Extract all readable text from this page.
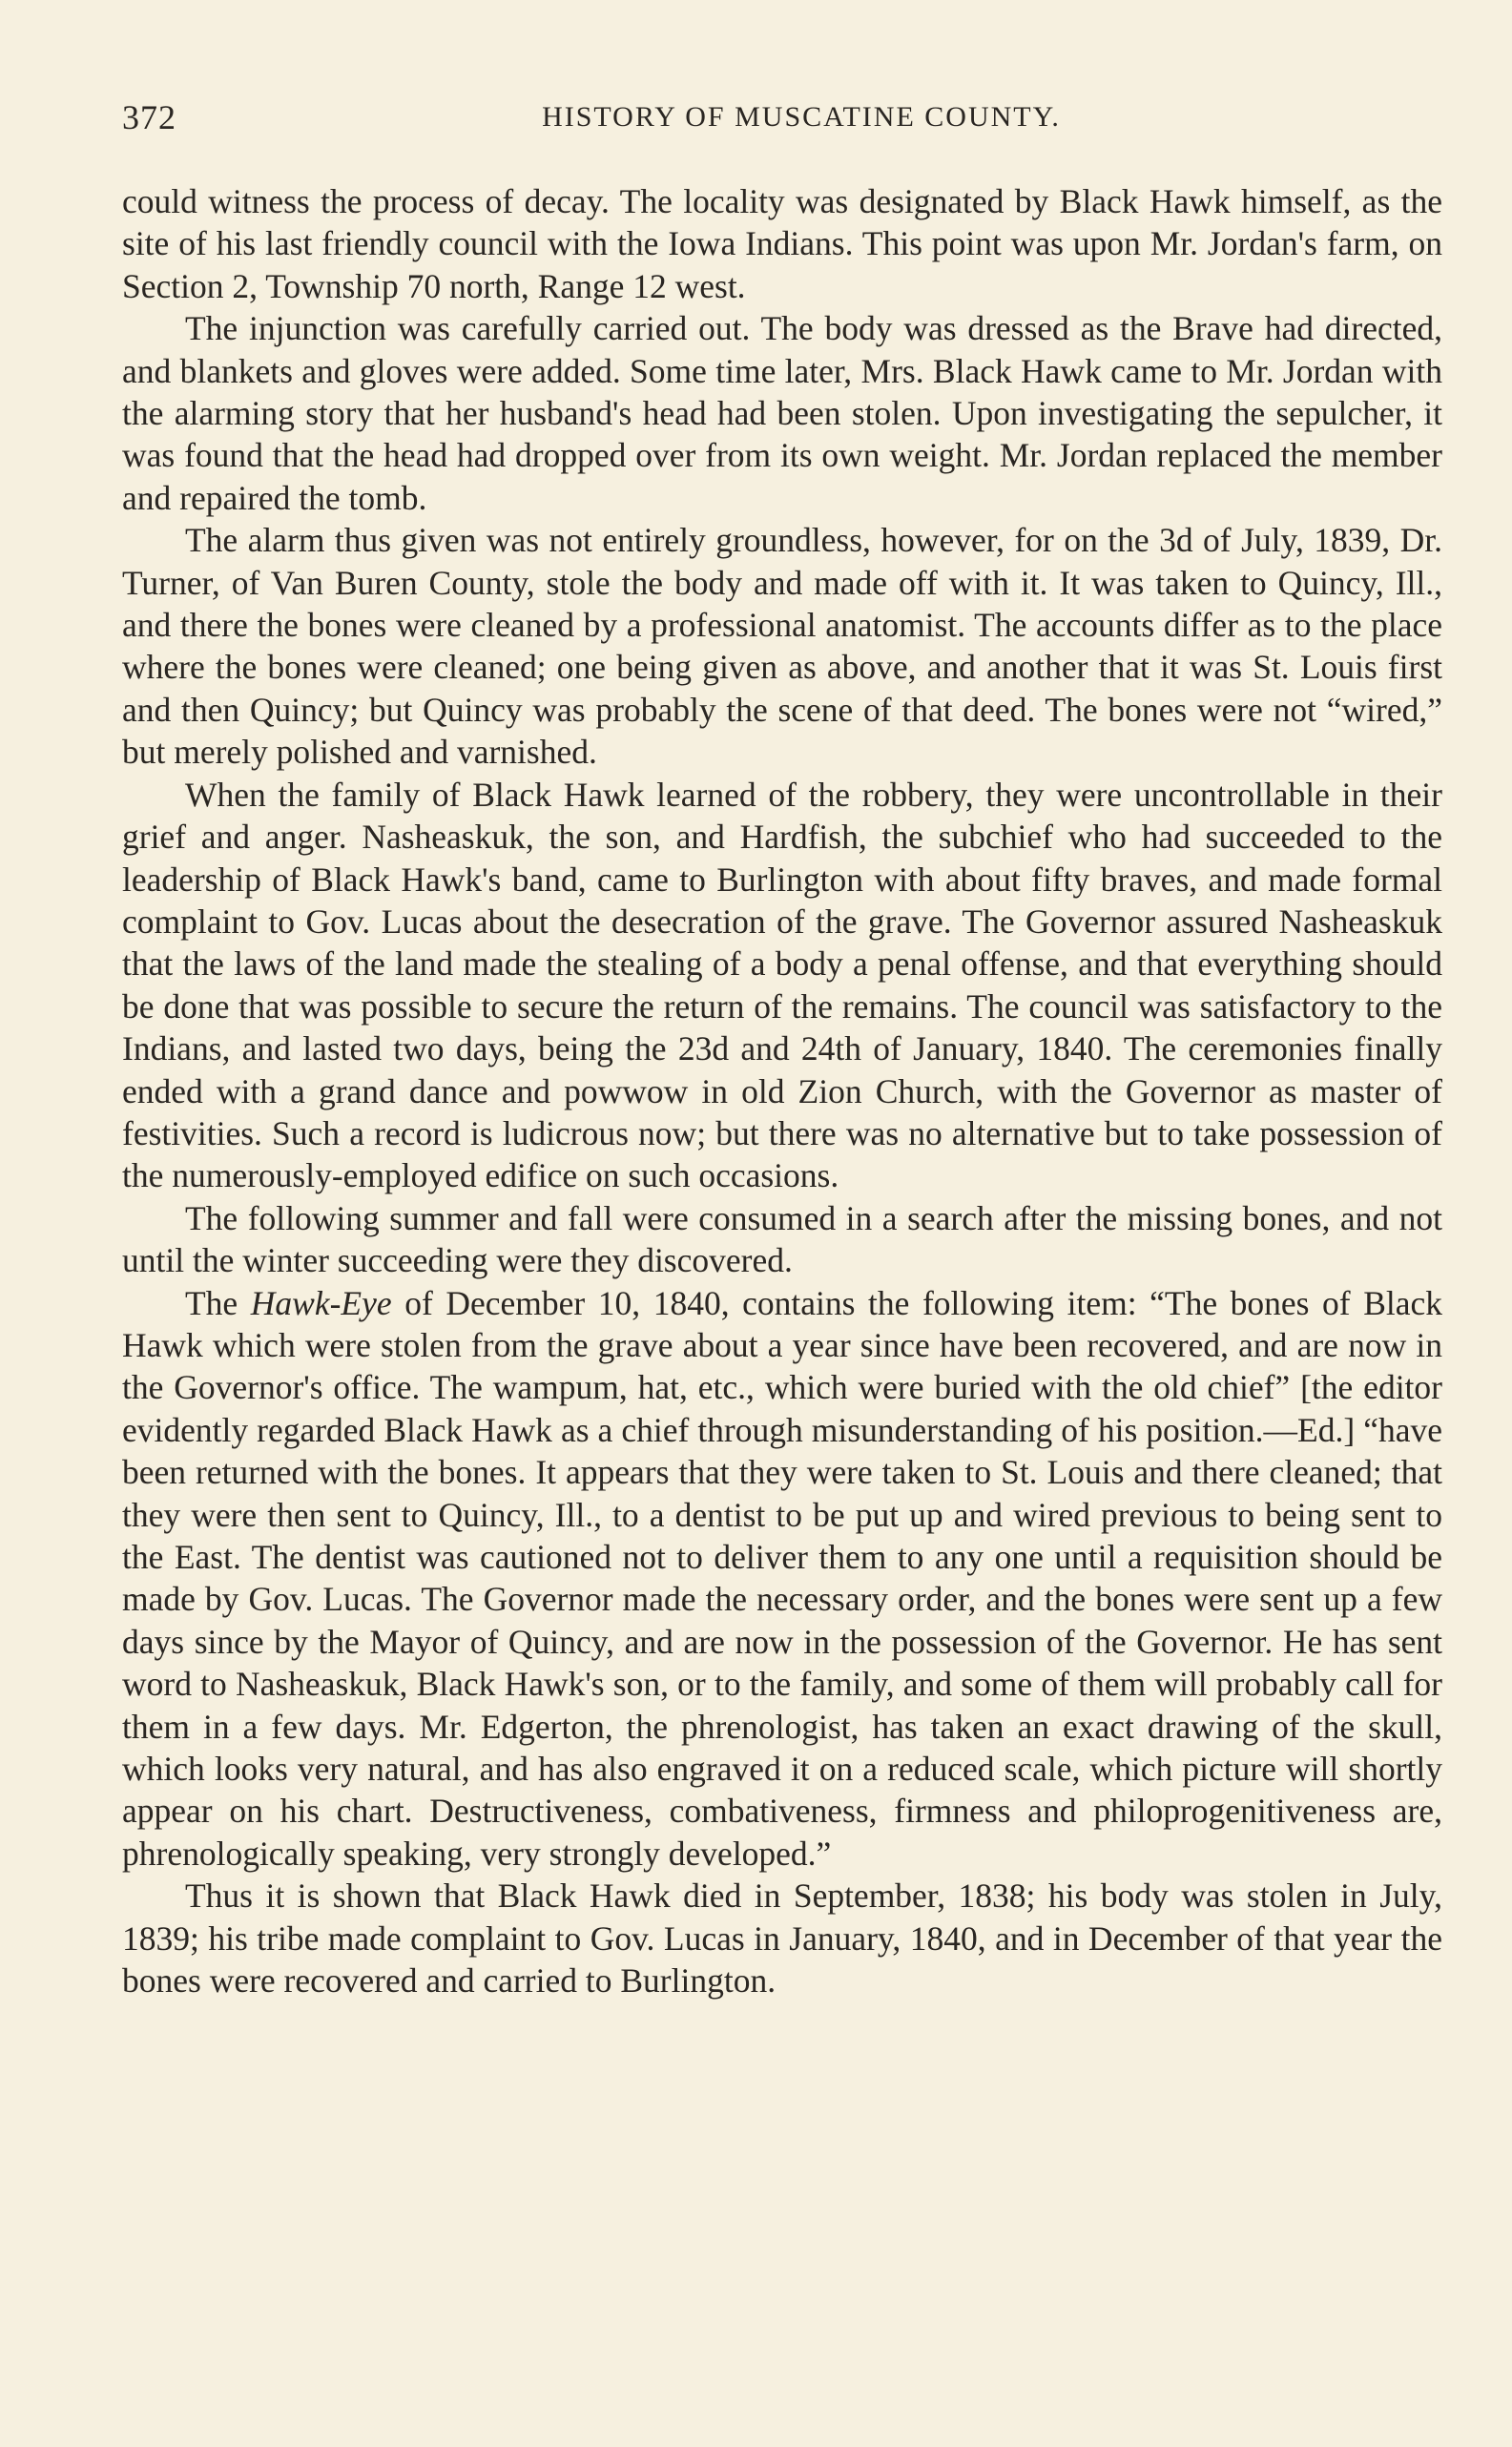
372	HISTORY OF MUSCATINE COUNTY.

could witness the process of decay. The locality was designated by Black Hawk himself, as the site of his last friendly council with the Iowa Indians. This point was upon Mr. Jordan's farm, on Section 2, Township 70 north, Range 12 west.

The injunction was carefully carried out. The body was dressed as the Brave had directed, and blankets and gloves were added. Some time later, Mrs. Black Hawk came to Mr. Jordan with the alarming story that her husband's head had been stolen. Upon investigating the sepulcher, it was found that the head had dropped over from its own weight. Mr. Jordan replaced the member and repaired the tomb.

The alarm thus given was not entirely groundless, however, for on the 3d of July, 1839, Dr. Turner, of Van Buren County, stole the body and made off with it. It was taken to Quincy, Ill., and there the bones were cleaned by a professional anatomist. The accounts differ as to the place where the bones were cleaned; one being given as above, and another that it was St. Louis first and then Quincy; but Quincy was probably the scene of that deed. The bones were not “wired,” but merely polished and varnished.

When the family of Black Hawk learned of the robbery, they were uncontrollable in their grief and anger. Nasheaskuk, the son, and Hardfish, the subchief who had succeeded to the leadership of Black Hawk's band, came to Burlington with about fifty braves, and made formal complaint to Gov. Lucas about the desecration of the grave. The Governor assured Nasheaskuk that the laws of the land made the stealing of a body a penal offense, and that everything should be done that was possible to secure the return of the remains. The council was satisfactory to the Indians, and lasted two days, being the 23d and 24th of January, 1840. The ceremonies finally ended with a grand dance and powwow in old Zion Church, with the Governor as master of festivities. Such a record is ludicrous now; but there was no alternative but to take possession of the numerously-employed edifice on such occasions.

The following summer and fall were consumed in a search after the missing bones, and not until the winter succeeding were they discovered.

The Hawk-Eye of December 10, 1840, contains the following item: “The bones of Black Hawk which were stolen from the grave about a year since have been recovered, and are now in the Governor's office. The wampum, hat, etc., which were buried with the old chief” [the editor evidently regarded Black Hawk as a chief through misunderstanding of his position.—Ed.] “have been returned with the bones. It appears that they were taken to St. Louis and there cleaned; that they were then sent to Quincy, Ill., to a dentist to be put up and wired previous to being sent to the East. The dentist was cautioned not to deliver them to any one until a requisition should be made by Gov. Lucas. The Governor made the necessary order, and the bones were sent up a few days since by the Mayor of Quincy, and are now in the possession of the Governor. He has sent word to Nasheaskuk, Black Hawk's son, or to the family, and some of them will probably call for them in a few days. Mr. Edgerton, the phrenologist, has taken an exact drawing of the skull, which looks very natural, and has also engraved it on a reduced scale, which picture will shortly appear on his chart. Destructiveness, combativeness, firmness and philoprogenitiveness are, phrenologically speaking, very strongly developed.”

Thus it is shown that Black Hawk died in September, 1838; his body was stolen in July, 1839; his tribe made complaint to Gov. Lucas in January, 1840, and in December of that year the bones were recovered and carried to Burlington.
